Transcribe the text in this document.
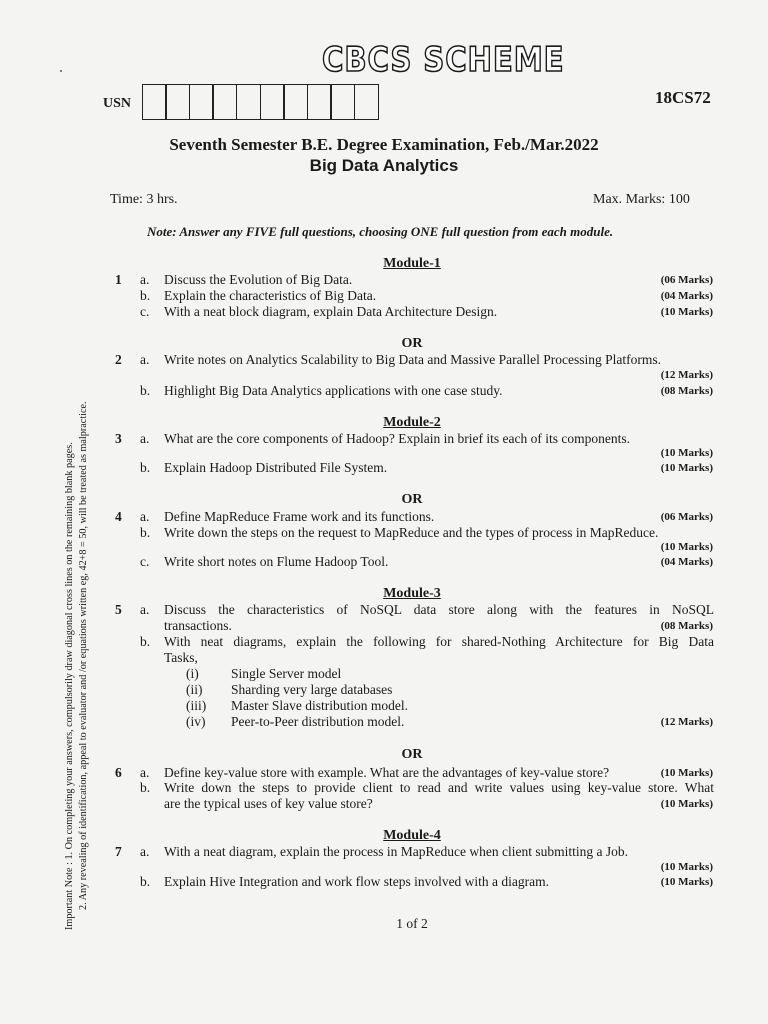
CBCS SCHEME
USN	18CS72
Seventh Semester B.E. Degree Examination, Feb./Mar.2022
Big Data Analytics
Time: 3 hrs.	Max. Marks: 100
Note: Answer any FIVE full questions, choosing ONE full question from each module.
Important Note : 1. On completing your answers, compulsorily draw diagonal cross lines on the remaining blank pages. 2. Any revealing of identification, appeal to evaluator and /or equations written eg, 42+8 = 50, will be treated as malpractice.
Module-1
1 a. Discuss the Evolution of Big Data.	(06 Marks)
b. Explain the characteristics of Big Data.	(04 Marks)
c. With a neat block diagram, explain Data Architecture Design.	(10 Marks)
OR
2 a. Write notes on Analytics Scalability to Big Data and Massive Parallel Processing Platforms.
(12 Marks)
b. Highlight Big Data Analytics applications with one case study.	(08 Marks)
Module-2
3 a. What are the core components of Hadoop? Explain in brief its each of its components.
(10 Marks)
b. Explain Hadoop Distributed File System.	(10 Marks)
OR
4 a. Define MapReduce Frame work and its functions.	(06 Marks)
b. Write down the steps on the request to MapReduce and the types of process in MapReduce.
(10 Marks)
c. Write short notes on Flume Hadoop Tool.	(04 Marks)
Module-3
5 a. Discuss the characteristics of NoSQL data store along with the features in NoSQL
transactions.	(08 Marks)
b. With neat diagrams, explain the following for shared-Nothing Architecture for Big Data
Tasks,
(i) Single Server model
(ii) Sharding very large databases
(iii) Master Slave distribution model.
(iv) Peer-to-Peer distribution model.	(12 Marks)
OR
6 a. Define key-value store with example. What are the advantages of key-value store?	(10 Marks)
b. Write down the steps to provide client to read and write values using key-value store. What
are the typical uses of key value store?	(10 Marks)
Module-4
7 a. With a neat diagram, explain the process in MapReduce when client submitting a Job.
(10 Marks)
b. Explain Hive Integration and work flow steps involved with a diagram.	(10 Marks)
1 of 2
